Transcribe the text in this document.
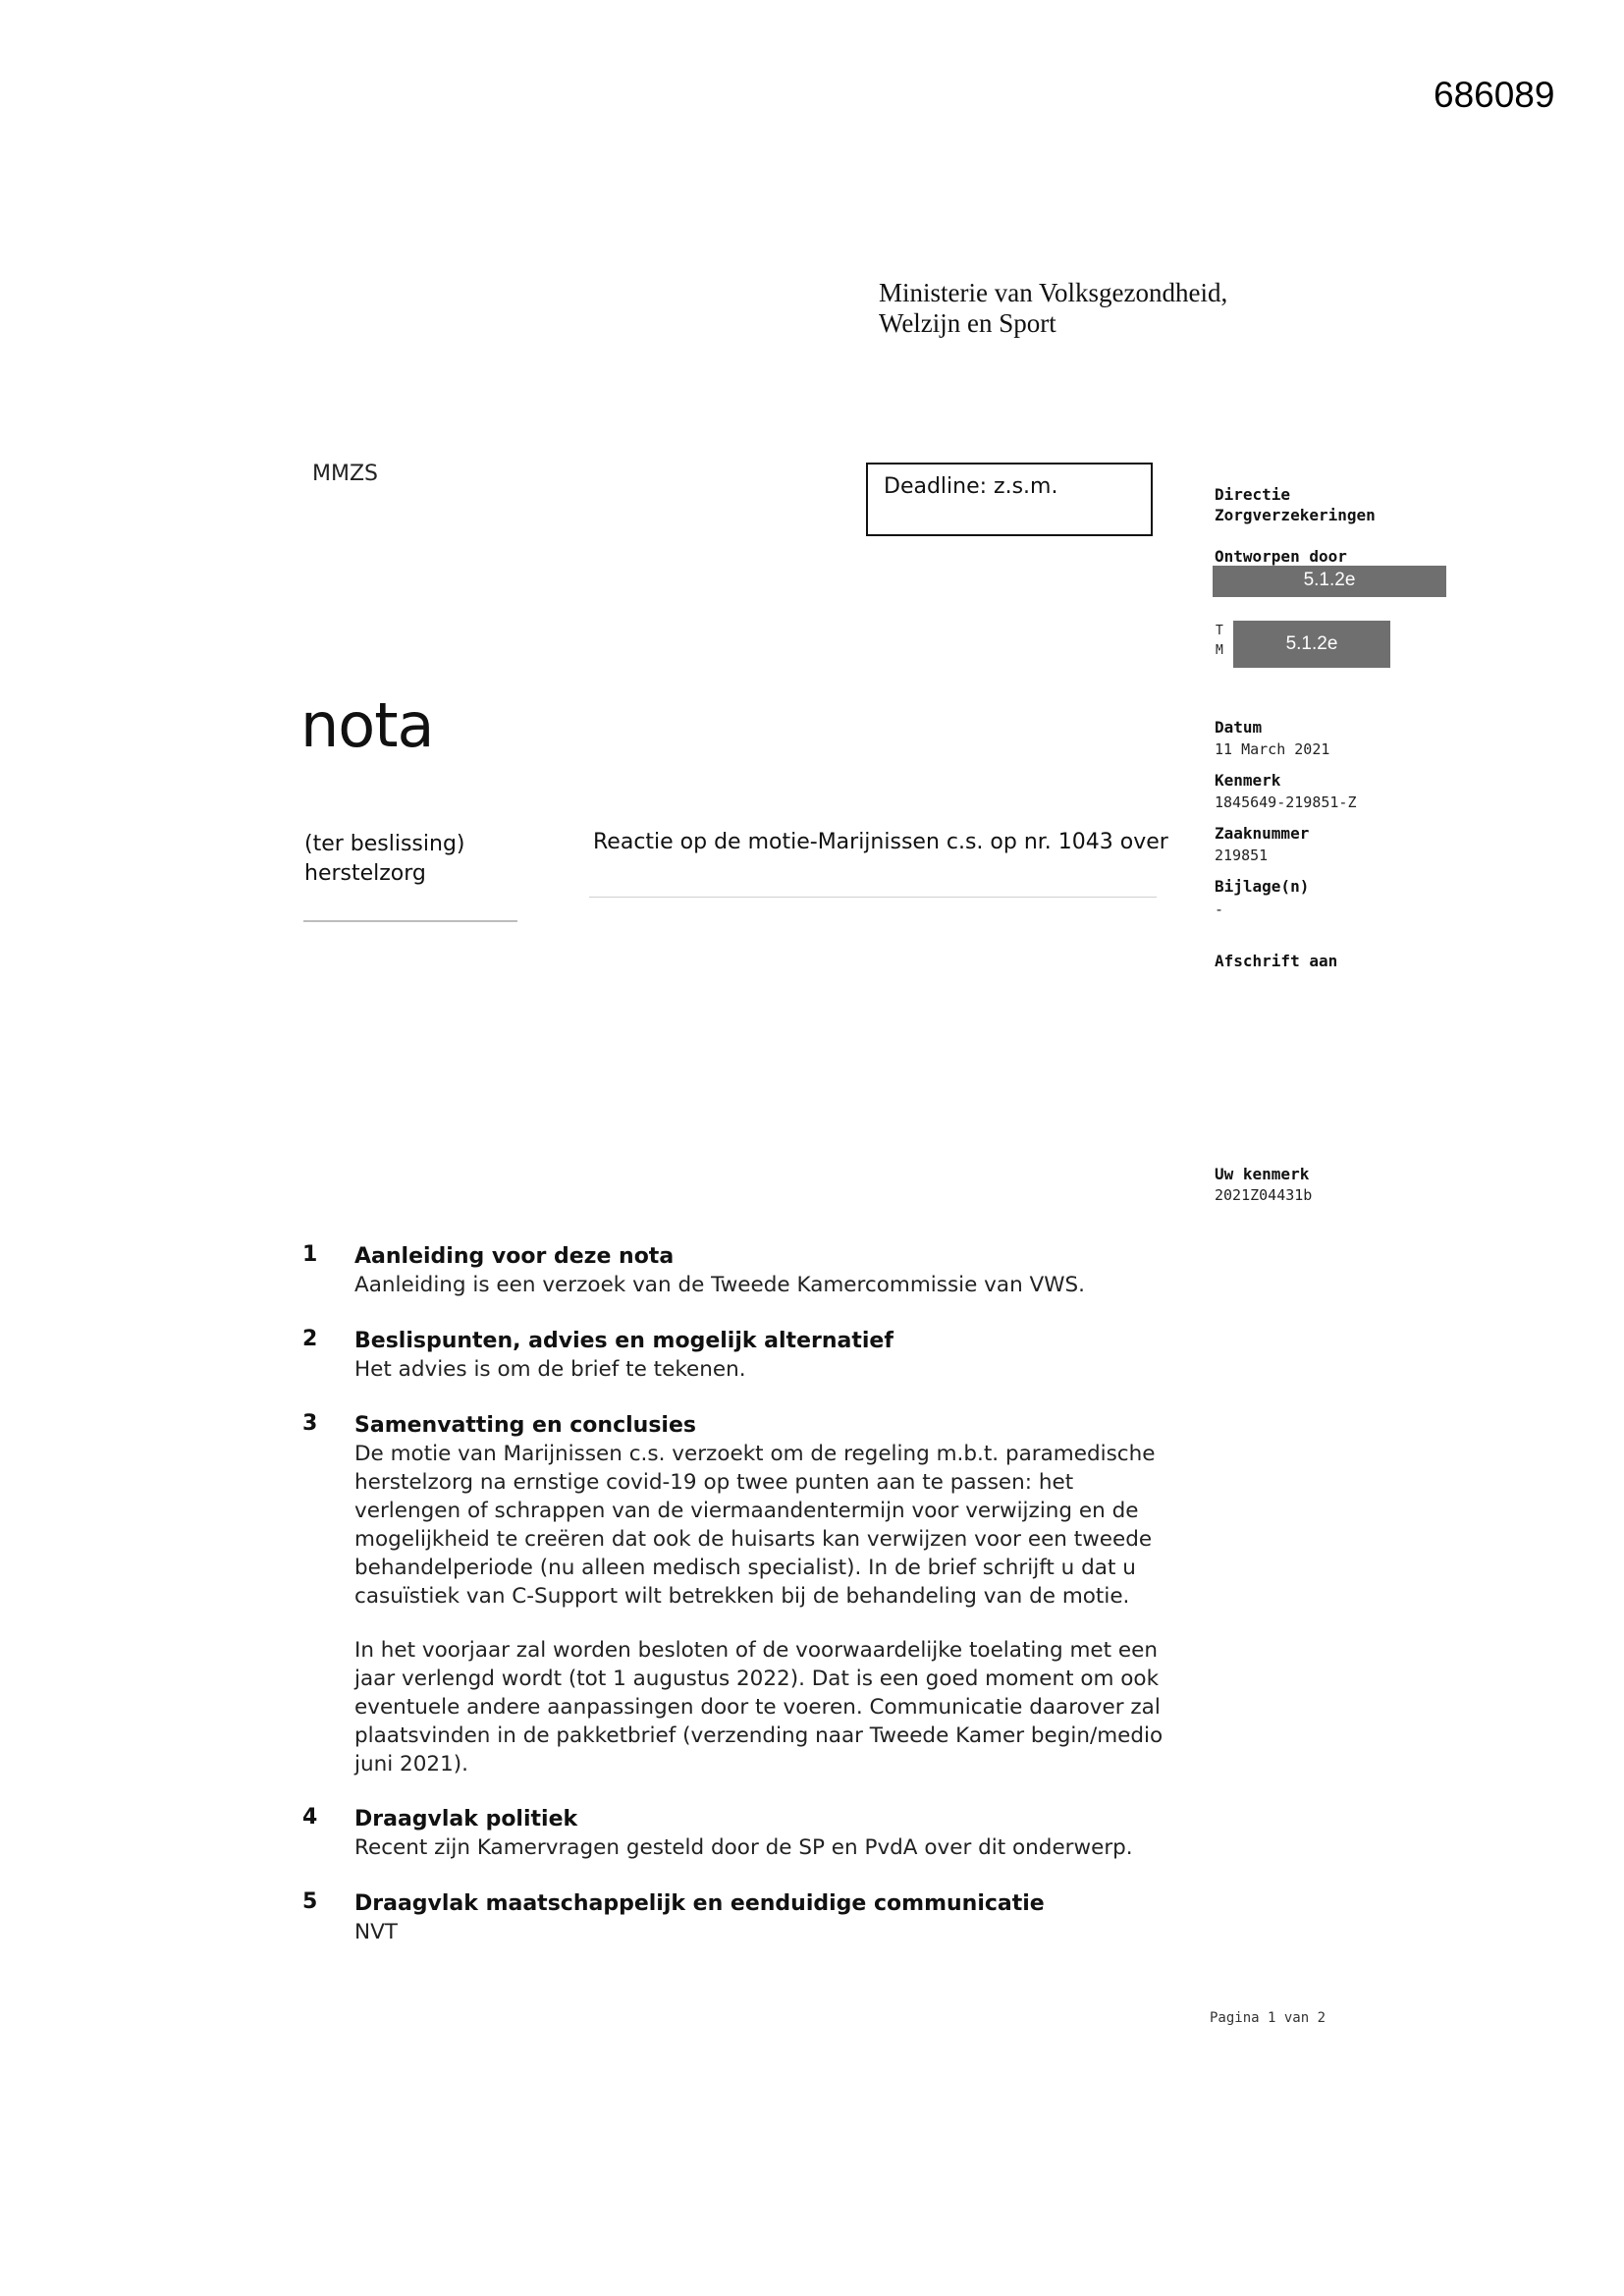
686089
Ministerie van Volksgezondheid,
Welzijn en Sport
MMZS
Deadline: z.s.m.
nota
(ter beslissing)
herstelzorg
Reactie op de motie-Marijnissen c.s. op nr. 1043 over
Directie
Zorgverzekeringen
Ontworpen door
5.1.2e
T
M	5.1.2e
Datum
11 March 2021
Kenmerk
1845649-219851-Z
Zaaknummer
219851
Bijlage(n)
-
Afschrift aan
Uw kenmerk
2021Z04431b
1 Aanleiding voor deze nota
Aanleiding is een verzoek van de Tweede Kamercommissie van VWS.
2 Beslispunten, advies en mogelijk alternatief
Het advies is om de brief te tekenen.
3 Samenvatting en conclusies
De motie van Marijnissen c.s. verzoekt om de regeling m.b.t. paramedische
herstelzorg na ernstige covid-19 op twee punten aan te passen: het
verlengen of schrappen van de viermaandentermijn voor verwijzing en de
mogelijkheid te creëren dat ook de huisarts kan verwijzen voor een tweede
behandelperiode (nu alleen medisch specialist). In de brief schrijft u dat u
casuïstiek van C-Support wilt betrekken bij de behandeling van de motie.
In het voorjaar zal worden besloten of de voorwaardelijke toelating met een
jaar verlengd wordt (tot 1 augustus 2022). Dat is een goed moment om ook
eventuele andere aanpassingen door te voeren. Communicatie daarover zal
plaatsvinden in de pakketbrief (verzending naar Tweede Kamer begin/medio
juni 2021).
4 Draagvlak politiek
Recent zijn Kamervragen gesteld door de SP en PvdA over dit onderwerp.
5 Draagvlak maatschappelijk en eenduidige communicatie
NVT
Pagina 1 van 2
